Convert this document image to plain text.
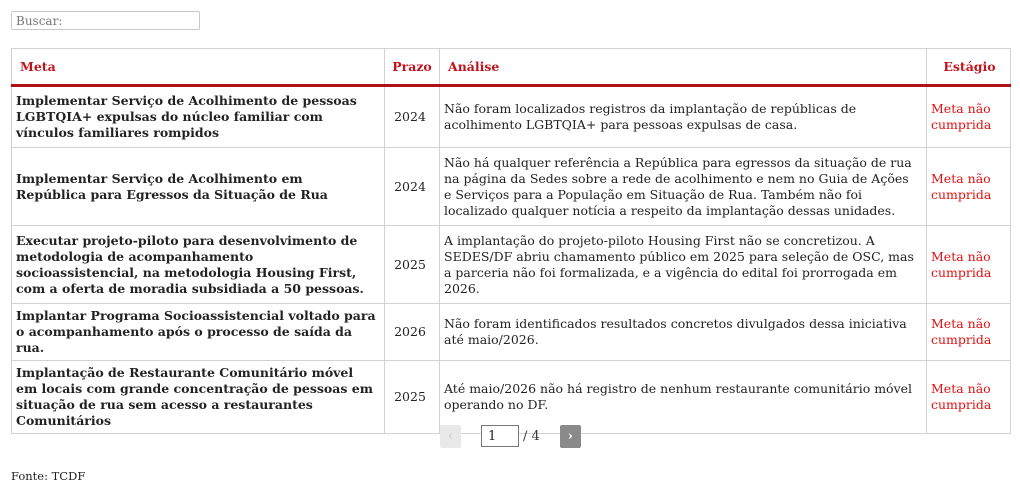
Buscar:
Meta	Prazo	Análise	Estágio
Implementar Serviço de Acolhimento de pessoas LGBTQIA+ expulsas do núcleo familiar com vínculos familiares rompidos	2024	Não foram localizados registros da implantação de repúblicas de acolhimento LGBTQIA+ para pessoas expulsas de casa.	Meta não cumprida
Implementar Serviço de Acolhimento em República para Egressos da Situação de Rua	2024	Não há qualquer referência a República para egressos da situação de rua na página da Sedes sobre a rede de acolhimento e nem no Guia de Ações e Serviços para a População em Situação de Rua. Também não foi localizado qualquer notícia a respeito da implantação dessas unidades.	Meta não cumprida
Executar projeto-piloto para desenvolvimento de metodologia de acompanhamento socioassistencial, na metodologia Housing First, com a oferta de moradia subsidiada a 50 pessoas.	2025	A implantação do projeto-piloto Housing First não se concretizou. A SEDES/DF abriu chamamento público em 2025 para seleção de OSC, mas a parceria não foi formalizada, e a vigência do edital foi prorrogada em 2026.	Meta não cumprida
Implantar Programa Socioassistencial voltado para o acompanhamento após o processo de saída da rua.	2026	Não foram identificados resultados concretos divulgados dessa iniciativa até maio/2026.	Meta não cumprida
Implantação de Restaurante Comunitário móvel em locais com grande concentração de pessoas em situação de rua sem acesso a restaurantes Comunitários	2025	Até maio/2026 não há registro de nenhum restaurante comunitário móvel operando no DF.	Meta não cumprida
‹
1	/ 4 ›
Fonte: TCDF
